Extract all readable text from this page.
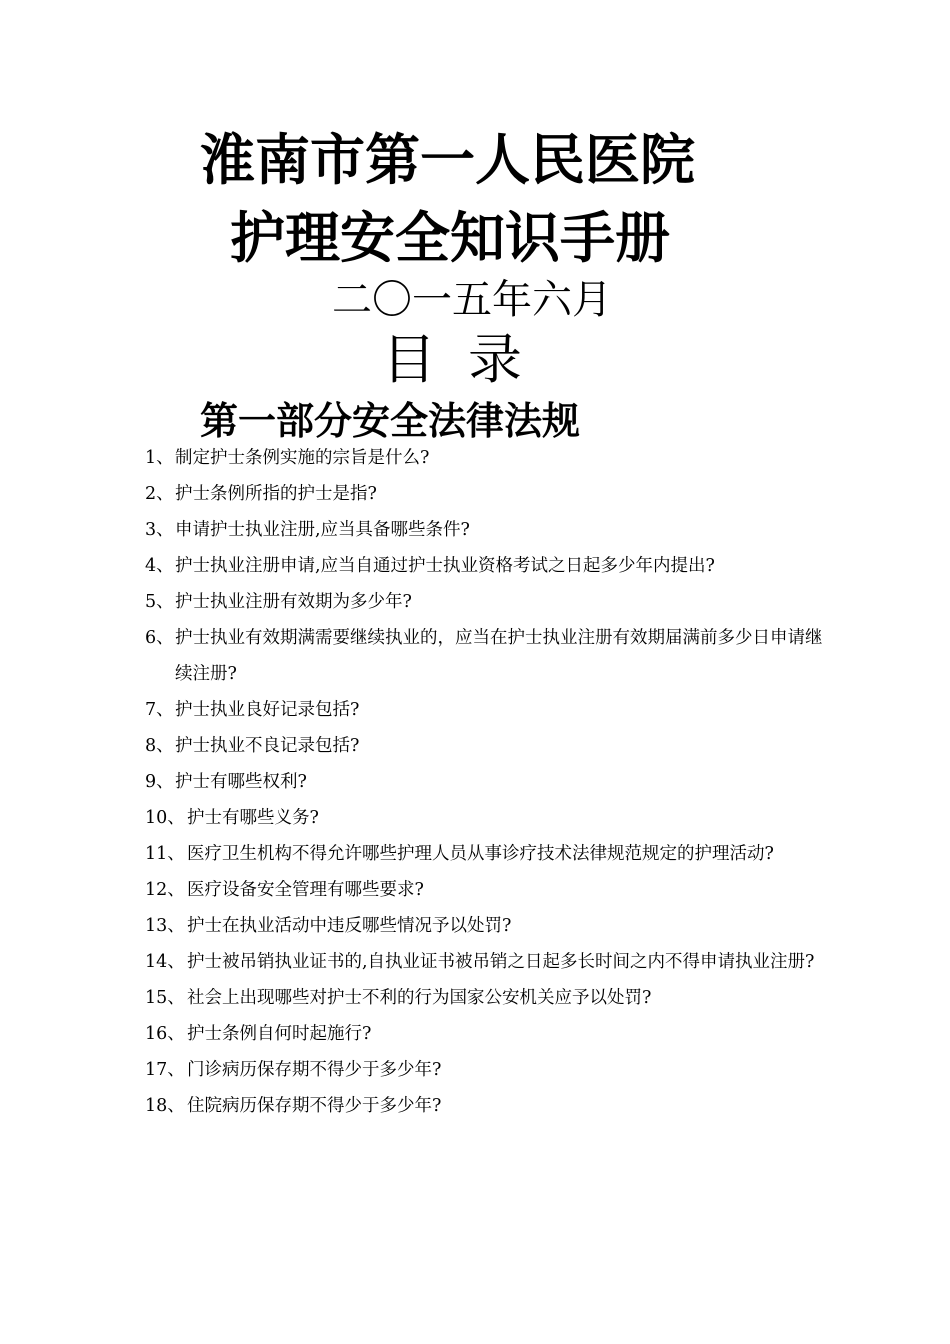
淮南市第一人民医院
护理安全知识手册
二〇一五年六月
目录
第一部分安全法律法规
1、 制定护士条例实施的宗旨是什么?
2、 护士条例所指的护士是指?
3、 申请护士执业注册,应当具备哪些条件?
4、 护士执业注册申请,应当自通过护士执业资格考试之日起多少年内提出?
5、 护士执业注册有效期为多少年?
6、 护士执业有效期满需要继续执业的，应当在护士执业注册有效期届满前多少日申请继续注册?
7、 护士执业良好记录包括?
8、 护士执业不良记录包括?
9、 护士有哪些权利?
10、 护士有哪些义务?
11、 医疗卫生机构不得允许哪些护理人员从事诊疗技术法律规范规定的护理活动?
12、 医疗设备安全管理有哪些要求?
13、 护士在执业活动中违反哪些情况予以处罚?
14、 护士被吊销执业证书的,自执业证书被吊销之日起多长时间之内不得申请执业注册?
15、 社会上出现哪些对护士不利的行为国家公安机关应予以处罚?
16、 护士条例自何时起施行?
17、 门诊病历保存期不得少于多少年?
18、 住院病历保存期不得少于多少年?
